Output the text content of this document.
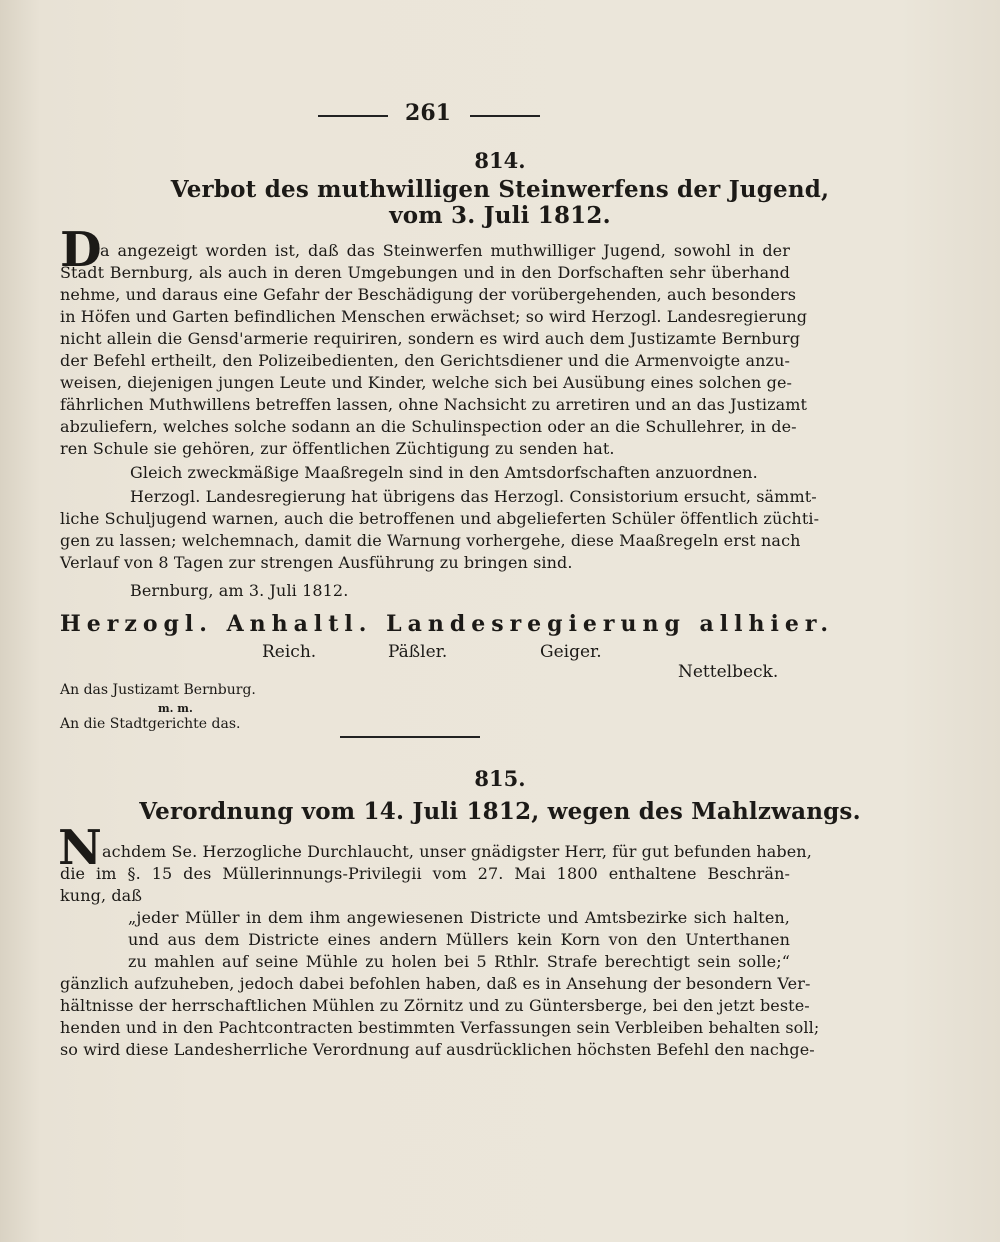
261
814.
Verbot des muthwilligen Steinwerfens der Jugend,
vom 3. Juli 1812.
D
a angezeigt worden ist, daß das Steinwerfen muthwilliger Jugend, sowohl in der
Stadt Bernburg, als auch in deren Umgebungen und in den Dorfschaften sehr überhand
nehme, und daraus eine Gefahr der Beschädigung der vorübergehenden, auch besonders
in Höfen und Garten befindlichen Menschen erwächset; so wird Herzogl. Landesregierung
nicht allein die Gensd'armerie requiriren, sondern es wird auch dem Justizamte Bernburg
der Befehl ertheilt, den Polizeibedienten, den Gerichtsdiener und die Armenvoigte anzu-
weisen, diejenigen jungen Leute und Kinder, welche sich bei Ausübung eines solchen ge-
fährlichen Muthwillens betreffen lassen, ohne Nachsicht zu arretiren und an das Justizamt
abzuliefern, welches solche sodann an die Schulinspection oder an die Schullehrer, in de-
ren Schule sie gehören, zur öffentlichen Züchtigung zu senden hat.
Gleich zweckmäßige Maaßregeln sind in den Amtsdorfschaften anzuordnen.
Herzogl. Landesregierung hat übrigens das Herzogl. Consistorium ersucht, sämmt-
liche Schuljugend warnen, auch die betroffenen und abgelieferten Schüler öffentlich züchti-
gen zu lassen; welchemnach, damit die Warnung vorhergehe, diese Maaßregeln erst nach
Verlauf von 8 Tagen zur strengen Ausführung zu bringen sind.
Bernburg, am 3. Juli 1812.
Herzogl. Anhaltl. Landesregierung allhier.
Reich.	Päßler.	Geiger.
Nettelbeck.
An das Justizamt Bernburg.
m. m.
An die Stadtgerichte das.
815.
Verordnung vom 14. Juli 1812, wegen des Mahlzwangs.
N achdem Se. Herzogliche Durchlaucht, unser gnädigster Herr, für gut befunden haben,
die im §. 15 des Müllerinnungs-Privilegii vom 27. Mai 1800 enthaltene Beschrän-
kung, daß
„jeder Müller in dem ihm angewiesenen Districte und Amtsbezirke sich halten,
und aus dem Districte eines andern Müllers kein Korn von den Unterthanen
zu mahlen auf seine Mühle zu holen bei 5 Rthlr. Strafe berechtigt sein solle;“
gänzlich aufzuheben, jedoch dabei befohlen haben, daß es in Ansehung der besondern Ver-
hältnisse der herrschaftlichen Mühlen zu Zörnitz und zu Güntersberge, bei den jetzt beste-
henden und in den Pachtcontracten bestimmten Verfassungen sein Verbleiben behalten soll;
so wird diese Landesherrliche Verordnung auf ausdrücklichen höchsten Befehl den nachge-
